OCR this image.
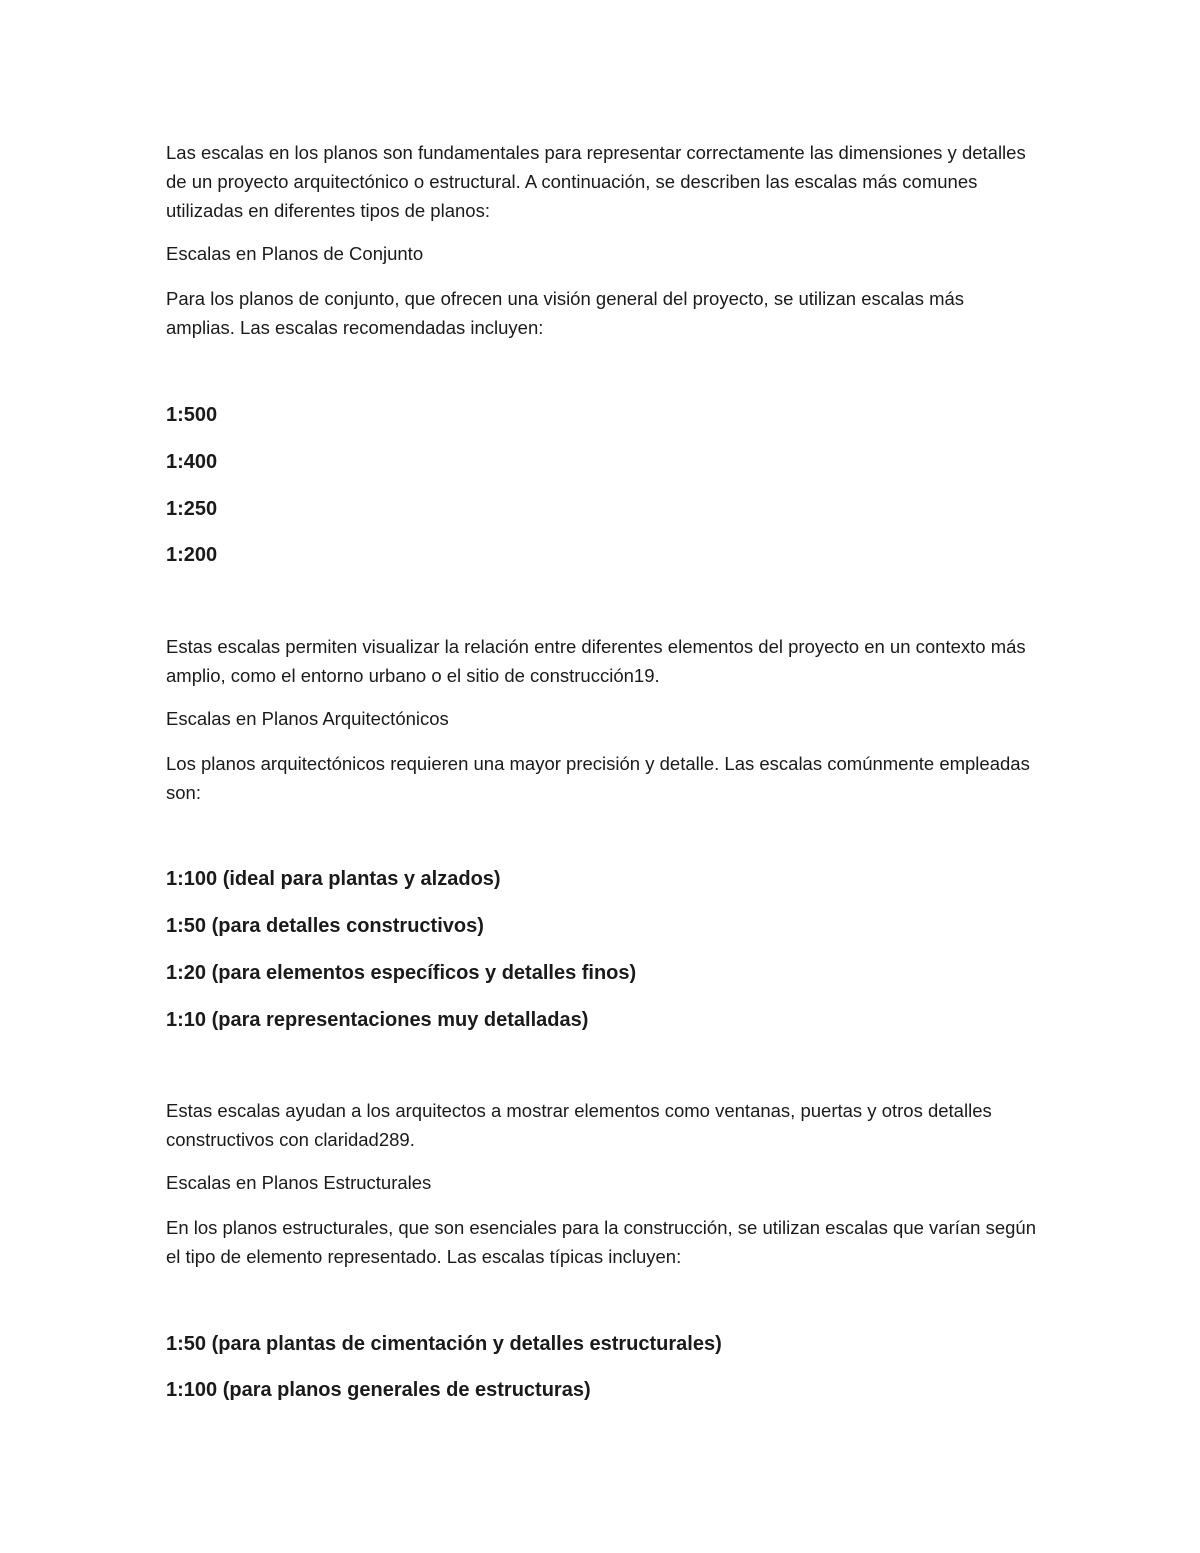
Las escalas en los planos son fundamentales para representar correctamente las dimensiones y detalles de un proyecto arquitectónico o estructural. A continuación, se describen las escalas más comunes utilizadas en diferentes tipos de planos:

Escalas en Planos de Conjunto

Para los planos de conjunto, que ofrecen una visión general del proyecto, se utilizan escalas más amplias. Las escalas recomendadas incluyen:

1:500

1:400

1:250

1:200

Estas escalas permiten visualizar la relación entre diferentes elementos del proyecto en un contexto más amplio, como el entorno urbano o el sitio de construcción19.

Escalas en Planos Arquitectónicos

Los planos arquitectónicos requieren una mayor precisión y detalle. Las escalas comúnmente empleadas son:

1:100 (ideal para plantas y alzados)

1:50 (para detalles constructivos)

1:20 (para elementos específicos y detalles finos)

1:10 (para representaciones muy detalladas)

Estas escalas ayudan a los arquitectos a mostrar elementos como ventanas, puertas y otros detalles constructivos con claridad289.

Escalas en Planos Estructurales

En los planos estructurales, que son esenciales para la construcción, se utilizan escalas que varían según el tipo de elemento representado. Las escalas típicas incluyen:

1:50 (para plantas de cimentación y detalles estructurales)

1:100 (para planos generales de estructuras)
